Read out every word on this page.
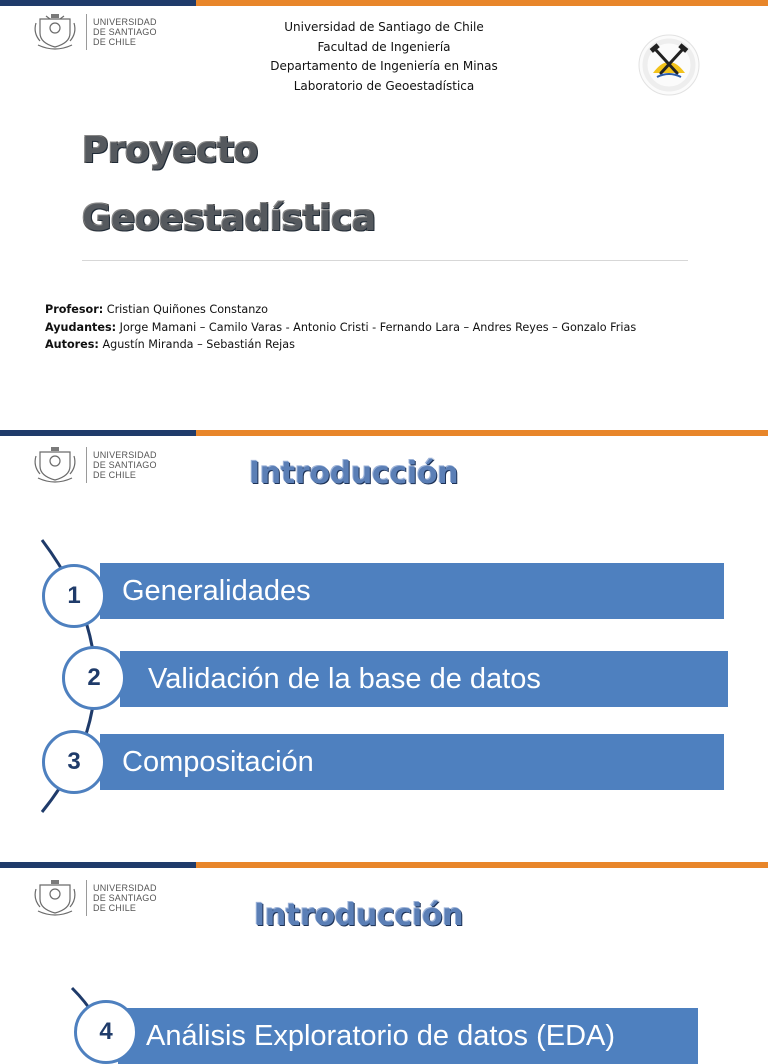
UNIVERSIDAD
DE SANTIAGO
DE CHILE
Universidad de Santiago de Chile
Facultad de Ingeniería
Departamento de Ingeniería en Minas
Laboratorio de Geoestadística
Proyecto
Geoestadística
Profesor: Cristian Quiñones Constanzo
Ayudantes: Jorge Mamani – Camilo Varas - Antonio Cristi - Fernando Lara – Andres Reyes – Gonzalo Frias
Autores: Agustín Miranda – Sebastián Rejas
UNIVERSIDAD
DE SANTIAGO
DE CHILE	Introducción
Generalidades
1
Validación de la base de datos
2
Compositación
3
UNIVERSIDAD
DE SANTIAGO
DE CHILE	Introducción
Análisis Exploratorio de datos (EDA)
4
